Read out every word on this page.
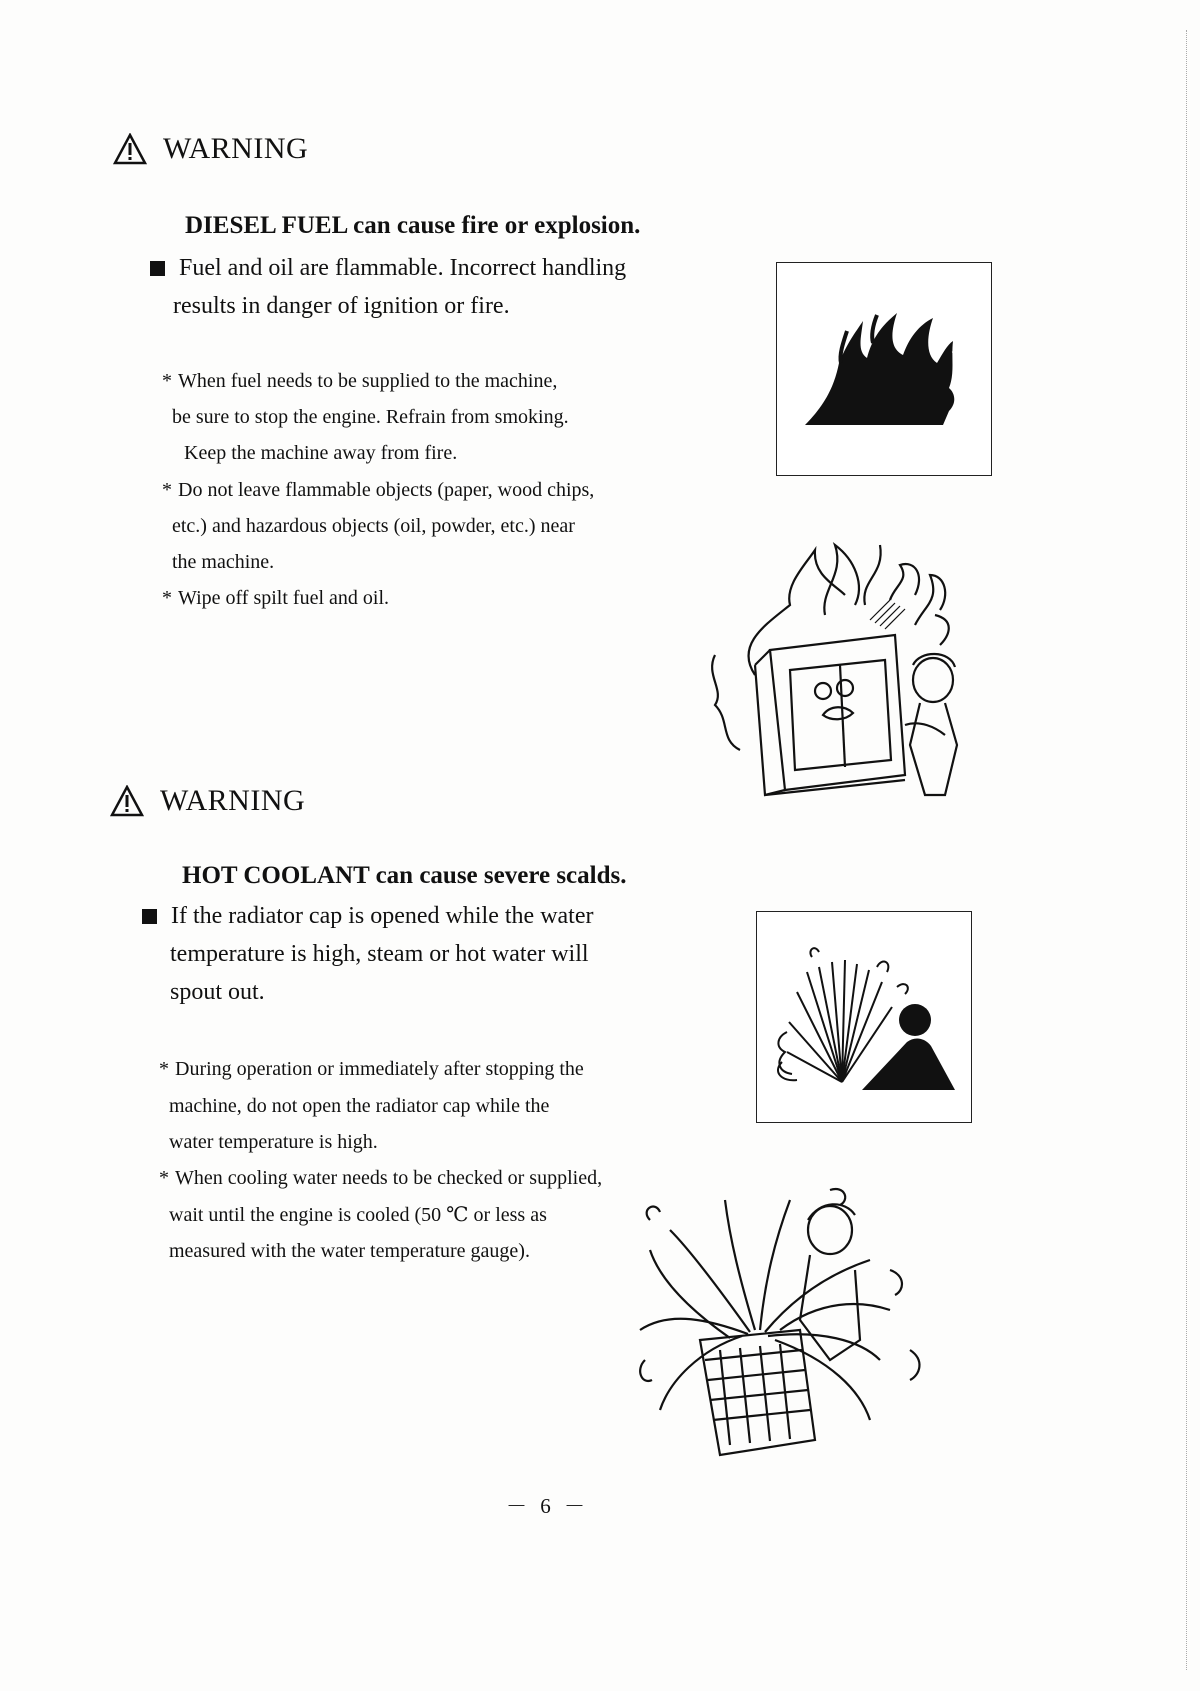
WARNING
DIESEL FUEL can cause fire or explosion.
Fuel and oil are flammable. Incorrect handling
results in danger of ignition or fire.
* When fuel needs to be supplied to the machine,
be sure to stop the engine. Refrain from smoking.
Keep the machine away from fire.
* Do not leave flammable objects (paper, wood chips,
etc.) and hazardous objects (oil, powder, etc.) near
the machine.
* Wipe off spilt fuel and oil.
WARNING
HOT COOLANT can cause severe scalds.
If the radiator cap is opened while the water
temperature is high, steam or hot water will
spout out.
* During operation or immediately after stopping the
machine, do not open the radiator cap while the
water temperature is high.
* When cooling water needs to be checked or supplied,
wait until the engine is cooled (50 ℃ or less as
measured with the water temperature gauge).
－ 6 －
